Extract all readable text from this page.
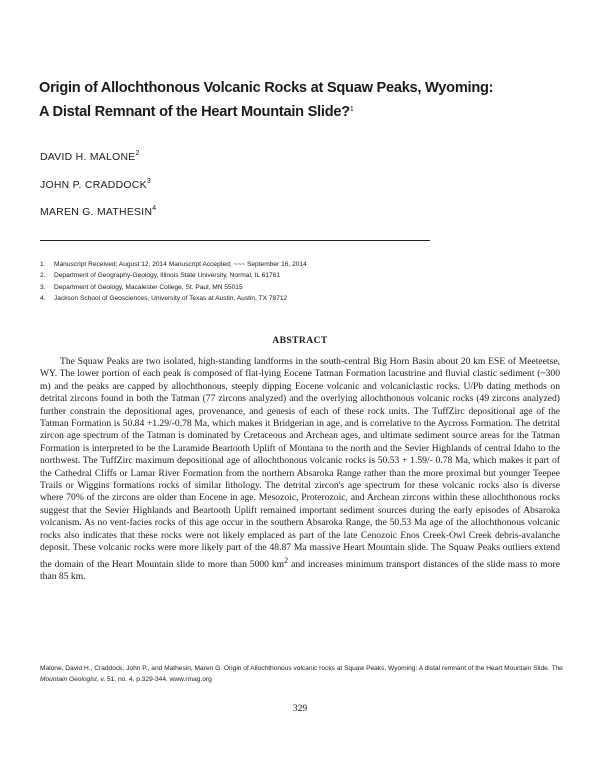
Origin of Allochthonous Volcanic Rocks at Squaw Peaks, Wyoming:
A Distal Remnant of the Heart Mountain Slide?$^1$
DAVID H. MALONE$^2$
JOHN P. CRADDOCK$^3$
MAREN G. MATHESIN$^4$
1.	Manuscript Received; August 12, 2014 Manuscript Accepted; ~~~ September 16, 2014
2.	Department of Geography-Geology, Illinois State University, Normal, IL 61761
3.	Department of Geology, Macalester College, St. Paul, MN 55015
4.	Jackson School of Geosciences, University of Texas at Austin, Austin, TX 78712
ABSTRACT

The Squaw Peaks are two isolated, high-standing landforms in the south-central Big Horn Basin about 20 km ESE of Meeteetse, WY. The lower portion of each peak is composed of flat-lying Eocene Tatman Formation lacustrine and fluvial clastic sediment (~300 m) and the peaks are capped by allochthonous, steeply dipping Eocene volcanic and volcaniclastic rocks. U/Pb dating methods on detrital zircons found in both the Tatman (77 zircons analyzed) and the overlying allochthonous volcanic rocks (49 zircons analyzed) further constrain the depositional ages, provenance, and genesis of each of these rock units. The TuffZirc depositional age of the Tatman Formation is 50.84 +1.29/-0.78 Ma, which makes it Bridgerian in age, and is correlative to the Aycross Formation. The detrital zircon age spectrum of the Tatman is dominated by Cretaceous and Archean ages, and ultimate sediment source areas for the Tatman Formation is interpreted to be the Laramide Beartooth Uplift of Montana to the north and the Sevier Highlands of central Idaho to the northwest. The TuffZirc maximum depositional age of allochthonous volcanic rocks is 50.53 + 1.59/- 0.78 Ma, which makes it part of the Cathedral Cliffs or Lamar River Formation from the northern Absaroka Range rather than the more proximal but younger Teepee Trails or Wiggins formations rocks of similar lithology. The detrital zircon's age spectrum for these volcanic rocks also is diverse where 70% of the zircons are older than Eocene in age. Mesozoic, Proterozoic, and Archean zircons within these allochthonous rocks suggest that the Sevier Highlands and Beartooth Uplift remained important sediment sources during the early episodes of Absaroka volcanism. As no vent-facies rocks of this age occur in the southern Absaroka Range, the 50.53 Ma age of the allochthonous volcanic rocks also indicates that these rocks were not likely emplaced as part of the late Cenozoic Enos Creek-Owl Creek debris-avalanche deposit. These volcanic rocks were more likely part of the 48.87 Ma massive Heart Mountain slide. The Squaw Peaks outliers extend the domain of the Heart Mountain slide to more than 5000 $km^2$ and increases minimum transport distances of the slide mass to more than 85 km.

Malone, David H., Craddock, John P., and Mathesin, Maren G. Origin of Allochthonous volcanic rocks at Squaw Peaks, Wyoming: A distal remnant of the Heart Mountain Slide. The Mountain Geologist, v. 51, no. 4, p.329-344. www.rmag.org

329
